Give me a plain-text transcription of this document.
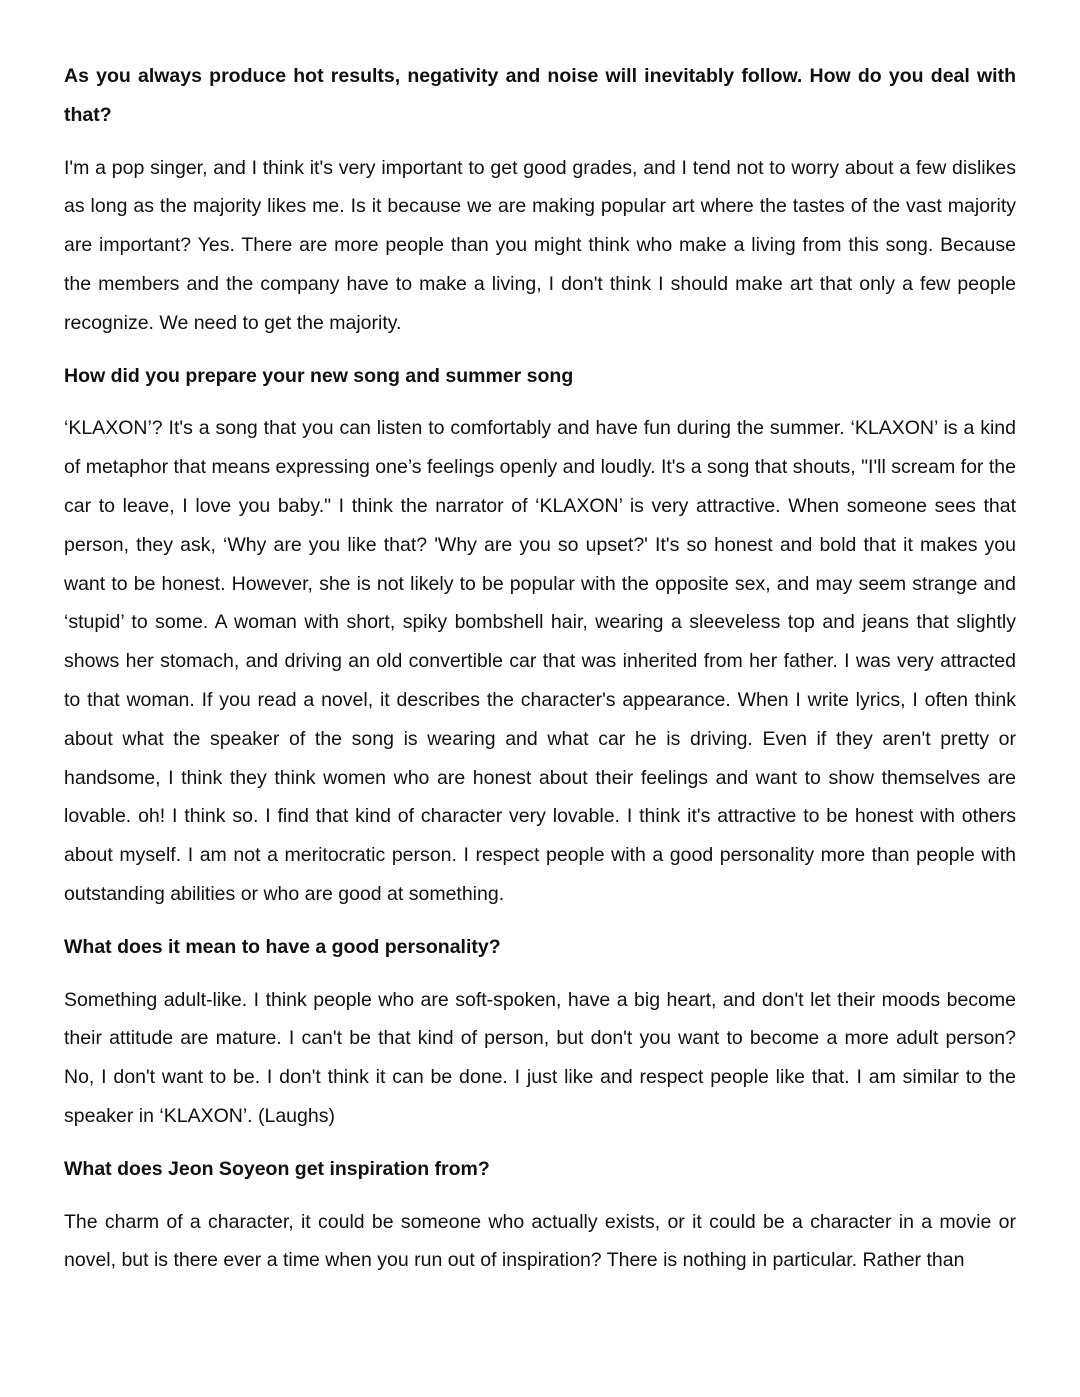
As you always produce hot results, negativity and noise will inevitably follow. How do you deal with that?

I'm a pop singer, and I think it's very important to get good grades, and I tend not to worry about a few dislikes as long as the majority likes me. Is it because we are making popular art where the tastes of the vast majority are important? Yes. There are more people than you might think who make a living from this song. Because the members and the company have to make a living, I don't think I should make art that only a few people recognize. We need to get the majority.

How did you prepare your new song and summer song

‘KLAXON’? It's a song that you can listen to comfortably and have fun during the summer. ‘KLAXON’ is a kind of metaphor that means expressing one’s feelings openly and loudly. It's a song that shouts, "I'll scream for the car to leave, I love you baby." I think the narrator of ‘KLAXON’ is very attractive. When someone sees that person, they ask, ‘Why are you like that? 'Why are you so upset?' It's so honest and bold that it makes you want to be honest. However, she is not likely to be popular with the opposite sex, and may seem strange and ‘stupid’ to some. A woman with short, spiky bombshell hair, wearing a sleeveless top and jeans that slightly shows her stomach, and driving an old convertible car that was inherited from her father. I was very attracted to that woman. If you read a novel, it describes the character's appearance. When I write lyrics, I often think about what the speaker of the song is wearing and what car he is driving. Even if they aren't pretty or handsome, I think they think women who are honest about their feelings and want to show themselves are lovable. oh! I think so. I find that kind of character very lovable. I think it's attractive to be honest with others about myself. I am not a meritocratic person. I respect people with a good personality more than people with outstanding abilities or who are good at something.

What does it mean to have a good personality?

Something adult-like. I think people who are soft-spoken, have a big heart, and don't let their moods become their attitude are mature. I can't be that kind of person, but don't you want to become a more adult person? No, I don't want to be. I don't think it can be done. I just like and respect people like that. I am similar to the speaker in ‘KLAXON’. (Laughs)

What does Jeon Soyeon get inspiration from?

The charm of a character, it could be someone who actually exists, or it could be a character in a movie or novel, but is there ever a time when you run out of inspiration? There is nothing in particular. Rather than
